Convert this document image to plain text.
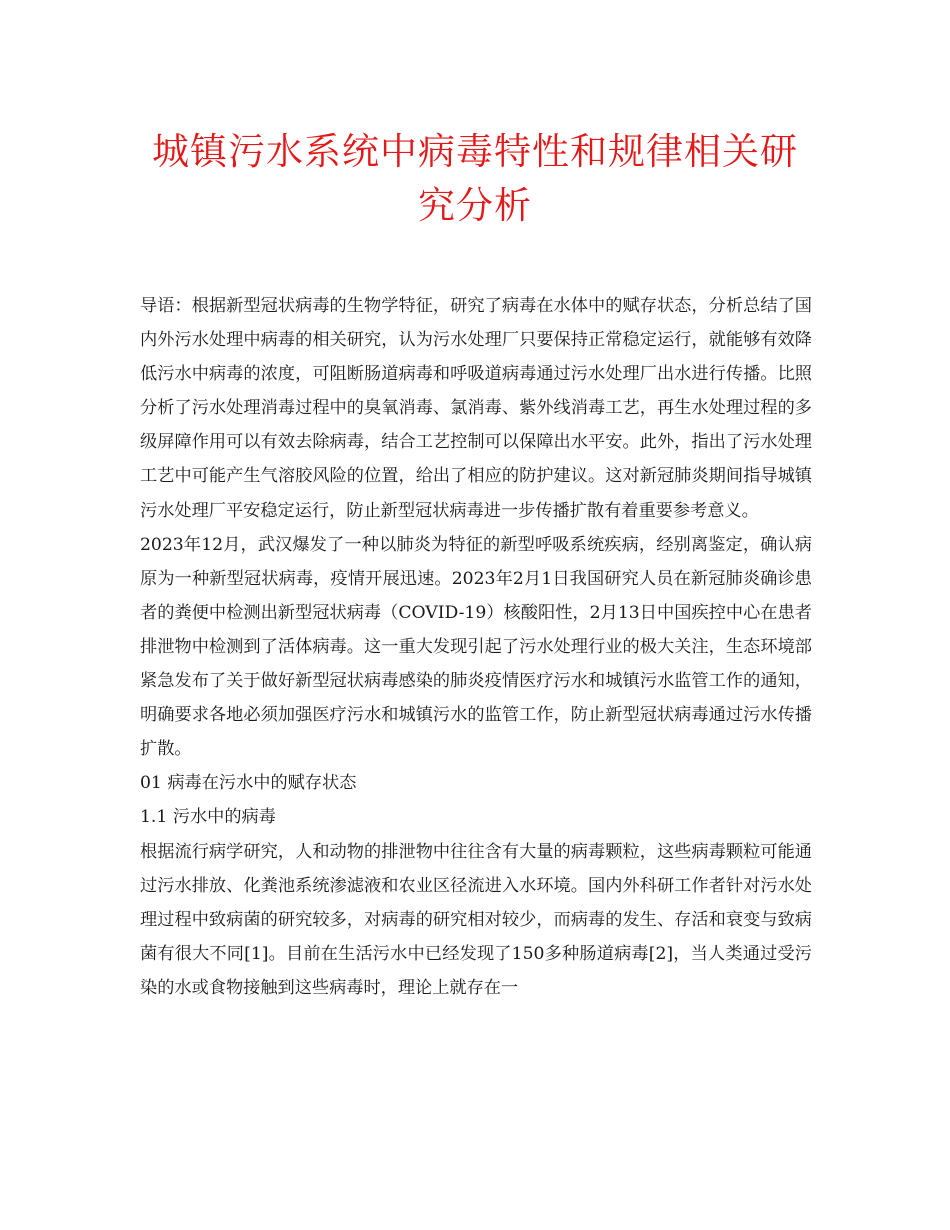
城镇污水系统中病毒特性和规律相关研究分析

导语：根据新型冠状病毒的生物学特征，研究了病毒在水体中的赋存状态，分析总结了国内外污水处理中病毒的相关研究，认为污水处理厂只要保持正常稳定运行，就能够有效降低污水中病毒的浓度，可阻断肠道病毒和呼吸道病毒通过污水处理厂出水进行传播。比照分析了污水处理消毒过程中的臭氧消毒、氯消毒、紫外线消毒工艺，再生水处理过程的多级屏障作用可以有效去除病毒，结合工艺控制可以保障出水平安。此外，指出了污水处理工艺中可能产生气溶胶风险的位置，给出了相应的防护建议。这对新冠肺炎期间指导城镇污水处理厂平安稳定运行，防止新型冠状病毒进一步传播扩散有着重要参考意义。

2023年12月，武汉爆发了一种以肺炎为特征的新型呼吸系统疾病，经别离鉴定，确认病原为一种新型冠状病毒，疫情开展迅速。2023年2月1日我国研究人员在新冠肺炎确诊患者的粪便中检测出新型冠状病毒（COVID-19）核酸阳性，2月13日中国疾控中心在患者排泄物中检测到了活体病毒。这一重大发现引起了污水处理行业的极大关注，生态环境部紧急发布了关于做好新型冠状病毒感染的肺炎疫情医疗污水和城镇污水监管工作的通知，明确要求各地必须加强医疗污水和城镇污水的监管工作，防止新型冠状病毒通过污水传播扩散。

01 病毒在污水中的赋存状态

1.1 污水中的病毒

根据流行病学研究，人和动物的排泄物中往往含有大量的病毒颗粒，这些病毒颗粒可能通过污水排放、化粪池系统渗滤液和农业区径流进入水环境。国内外科研工作者针对污水处理过程中致病菌的研究较多，对病毒的研究相对较少，而病毒的发生、存活和衰变与致病菌有很大不同[1]。目前在生活污水中已经发现了150多种肠道病毒[2]，当人类通过受污染的水或食物接触到这些病毒时，理论上就存在一
